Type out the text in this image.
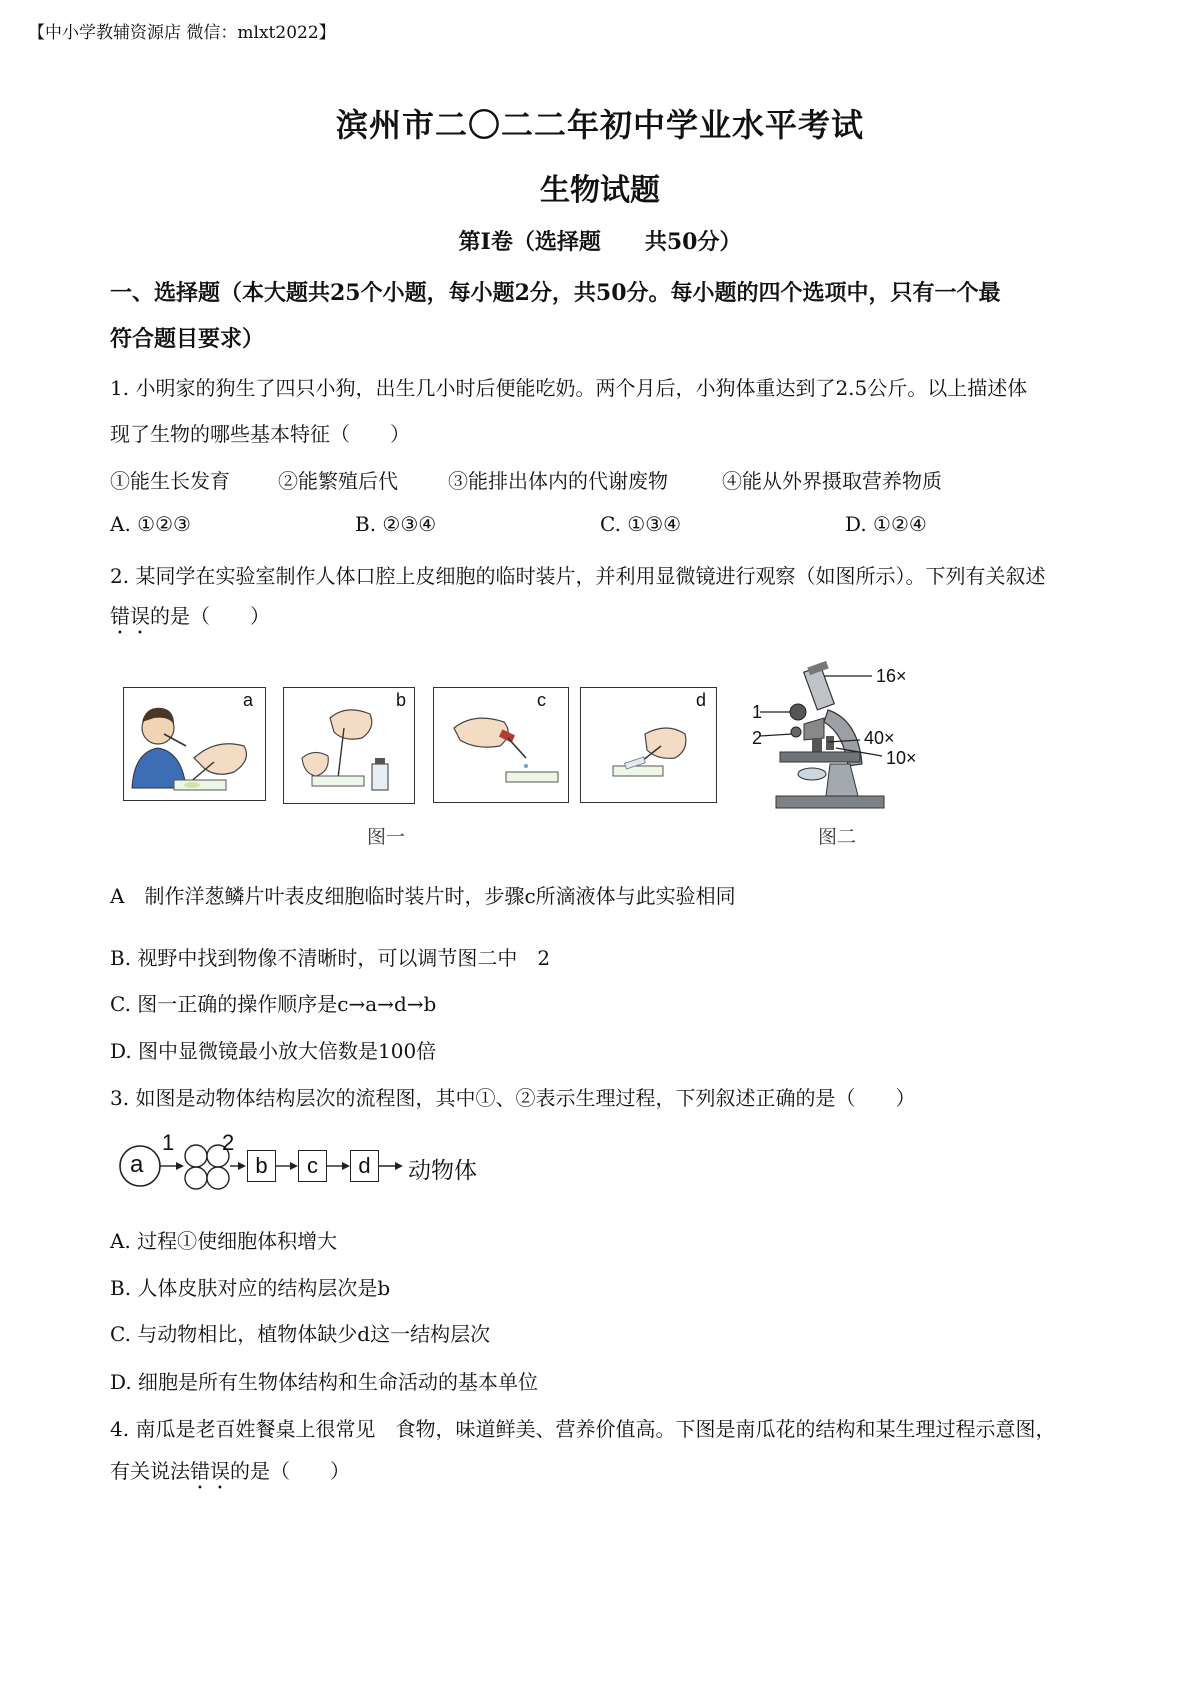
【中小学教辅资源店 微信：mlxt2022】
滨州市二〇二二年初中学业水平考试
生物试题
第Ⅰ卷（选择题　　共50分）
一、选择题（本大题共25个小题，每小题2分，共50分。每小题的四个选项中，只有一个最
符合题目要求）
1. 小明家的狗生了四只小狗，出生几小时后便能吃奶。两个月后，小狗体重达到了2.5公斤。以上描述体
现了生物的哪些基本特征（　　）
①能生长发育 ②能繁殖后代	③能排出体内的代谢废物	④能从外界摄取营养物质
A. ①②③	B. ②③④	C. ①③④	D. ①②④
2. 某同学在实验室制作人体口腔上皮细胞的临时装片，并利用显微镜进行观察（如图所示）。下列有关叙述
错误的是（　　）
a	b	c	d
16×
1
2	40×
10×
图一	图二
A　制作洋葱鳞片叶表皮细胞临时装片时，步骤c所滴液体与此实验相同
B. 视野中找到物像不清晰时，可以调节图二中　2
C. 图一正确的操作顺序是c→a→d→b
D. 图中显微镜最小放大倍数是100倍
3. 如图是动物体结构层次的流程图，其中①、②表示生理过程，下列叙述正确的是（　　）
a
1 2
b	c	d	动物体
A. 过程①使细胞体积增大
B. 人体皮肤对应的结构层次是b
C. 与动物相比，植物体缺少d这一结构层次
D. 细胞是所有生物体结构和生命活动的基本单位
4. 南瓜是老百姓餐桌上很常见　食物，味道鲜美、营养价值高。下图是南瓜花的结构和某生理过程示意图，
有关说法错误的是（　　）
